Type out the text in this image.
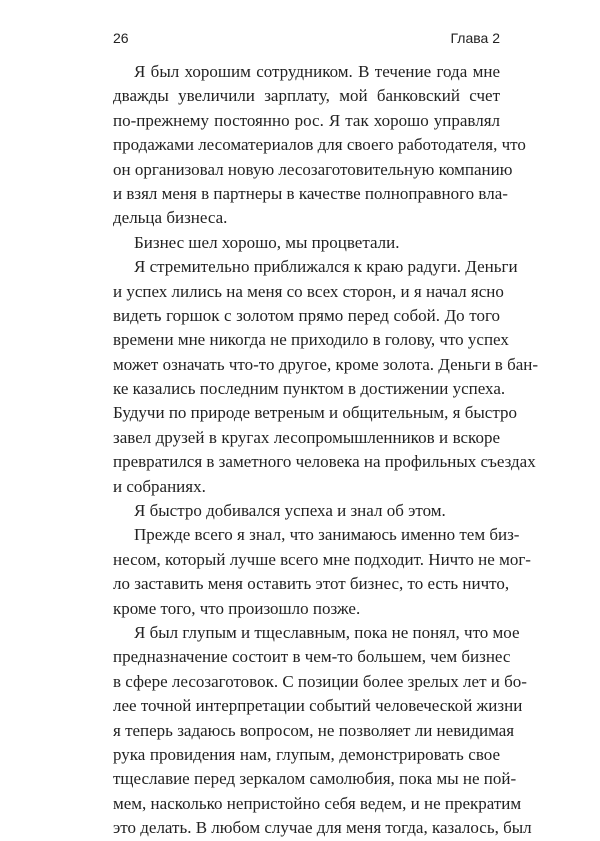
26	Глава 2

Я был хорошим сотрудником. В течение года мне
дважды увеличили зарплату, мой банковский счет
по-прежнему постоянно рос. Я так хорошо управлял
продажами лесоматериалов для своего работодателя, что
он организовал новую лесозаготовительную компанию
и взял меня в партнеры в качестве полноправного вла-
дельца бизнеса.

Бизнес шел хорошо, мы процветали.

Я стремительно приближался к краю радуги. Деньги
и успех лились на меня со всех сторон, и я начал ясно
видеть горшок с золотом прямо перед собой. До того
времени мне никогда не приходило в голову, что успех
может означать что-то другое, кроме золота. Деньги в бан-
ке казались последним пунктом в достижении успеха.
Будучи по природе ветреным и общительным, я быстро
завел друзей в кругах лесопромышленников и вскоре
превратился в заметного человека на профильных съездах
и собраниях.

Я быстро добивался успеха и знал об этом.

Прежде всего я знал, что занимаюсь именно тем биз-
несом, который лучше всего мне подходит. Ничто не мог-
ло заставить меня оставить этот бизнес, то есть ничто,
кроме того, что произошло позже.

Я был глупым и тщеславным, пока не понял, что мое
предназначение состоит в чем-то большем, чем бизнес
в сфере лесозаготовок. С позиции более зрелых лет и бо-
лее точной интерпретации событий человеческой жизни
я теперь задаюсь вопросом, не позволяет ли невидимая
рука провидения нам, глупым, демонстрировать свое
тщеславие перед зеркалом самолюбия, пока мы не пой-
мем, насколько непристойно себя ведем, и не прекратим
это делать. В любом случае для меня тогда, казалось, был
